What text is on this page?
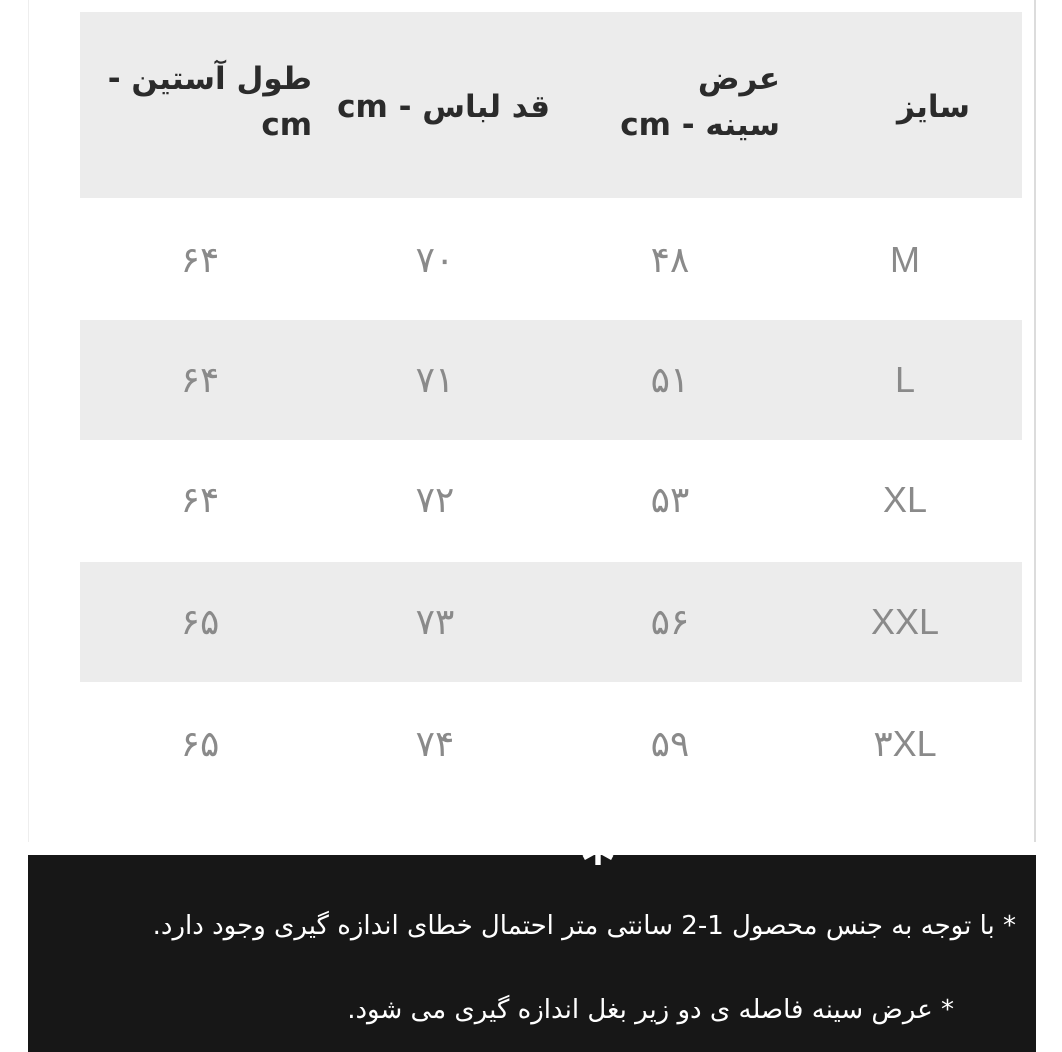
سایز
عرض سینه - cm
قد لباس - cm
طول آستین - cm
M
۴۸
۷۰
۶۴
L
۵۱
۷۱
۶۴
XL
۵۳
۷۲
۶۴
XXL
۵۶
۷۳
۶۵
۳XL
۵۹
۷۴
۶۵
*
* با توجه به جنس محصول 1-2 سانتی متر احتمال خطای اندازه گیری وجود دارد.
* عرض سینه فاصله ی دو زیر بغل اندازه گیری می شود.
